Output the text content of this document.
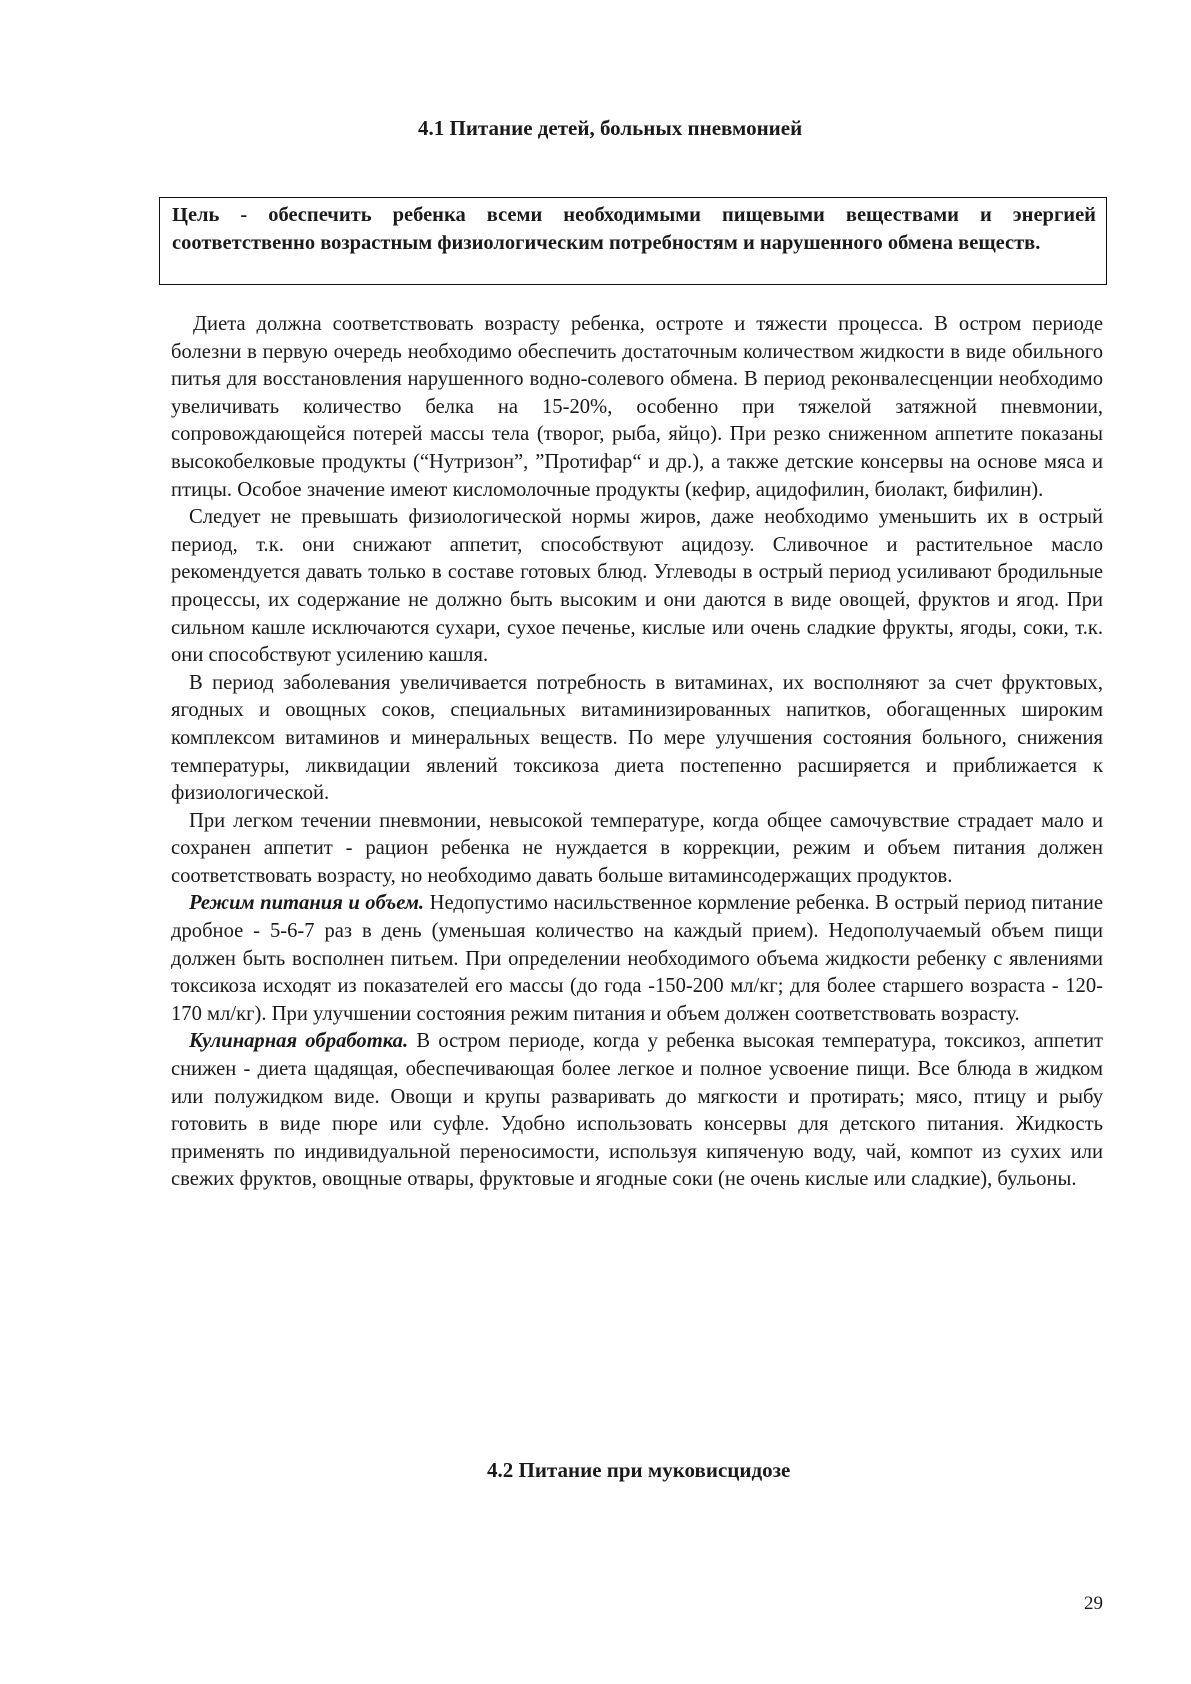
4.1 Питание детей, больных пневмонией
Цель - обеспечить ребенка всеми необходимыми пищевыми веществами и энергией соответственно возрастным физиологическим потребностям и нарушенного обмена веществ.

Диета должна соответствовать возрасту ребенка, остроте и тяжести процесса. В остром периоде болезни в первую очередь необходимо обеспечить достаточным количеством жидкости в виде обильного питья для восстановления нарушенного водно-солевого обмена. В период реконвалесценции необходимо увеличивать количество белка на 15-20%, особенно при тяжелой затяжной пневмонии, сопровождающейся потерей массы тела (творог, рыба, яйцо). При резко сниженном аппетите показаны высокобелковые продукты (“Нутризон”, ”Протифар“ и др.), а также детские консервы на основе мяса и птицы. Особое значение имеют кисломолочные продукты (кефир, ацидофилин, биолакт, бифилин).

Следует не превышать физиологической нормы жиров, даже необходимо уменьшить их в острый период, т.к. они снижают аппетит, способствуют ацидозу. Сливочное и растительное масло рекомендуется давать только в составе готовых блюд. Углеводы в острый период усиливают бродильные процессы, их содержание не должно быть высоким и они даются в виде овощей, фруктов и ягод. При сильном кашле исключаются сухари, сухое печенье, кислые или очень сладкие фрукты, ягоды, соки, т.к. они способствуют усилению кашля.

В период заболевания увеличивается потребность в витаминах, их восполняют за счет фруктовых, ягодных и овощных соков, специальных витаминизированных напитков, обогащенных широким комплексом витаминов и минеральных веществ. По мере улучшения состояния больного, снижения температуры, ликвидации явлений токсикоза диета постепенно расширяется и приближается к физиологической.

При легком течении пневмонии, невысокой температуре, когда общее самочувствие страдает мало и сохранен аппетит - рацион ребенка не нуждается в коррекции, режим и объем питания должен соответствовать возрасту, но необходимо давать больше витаминсодержащих продуктов.

Режим питания и объем. Недопустимо насильственное кормление ребенка. В острый период питание дробное - 5-6-7 раз в день (уменьшая количество на каждый прием). Недополучаемый объем пищи должен быть восполнен питьем. При определении необходимого объема жидкости ребенку с явлениями токсикоза исходят из показателей его массы (до года -150-200 мл/кг; для более старшего возраста - 120-170 мл/кг). При улучшении состояния режим питания и объем должен соответствовать возрасту.

Кулинарная обработка. В остром периоде, когда у ребенка высокая температура, токсикоз, аппетит снижен - диета щадящая, обеспечивающая более легкое и полное усвоение пищи. Все блюда в жидком или полужидком виде. Овощи и крупы разваривать до мягкости и протирать; мясо, птицу и рыбу готовить в виде пюре или суфле. Удобно использовать консервы для детского питания. Жидкость применять по индивидуальной переносимости, используя кипяченую воду, чай, компот из сухих или свежих фруктов, овощные отвары, фруктовые и ягодные соки (не очень кислые или сладкие), бульоны.

4.2 Питание при муковисцидозе
29
